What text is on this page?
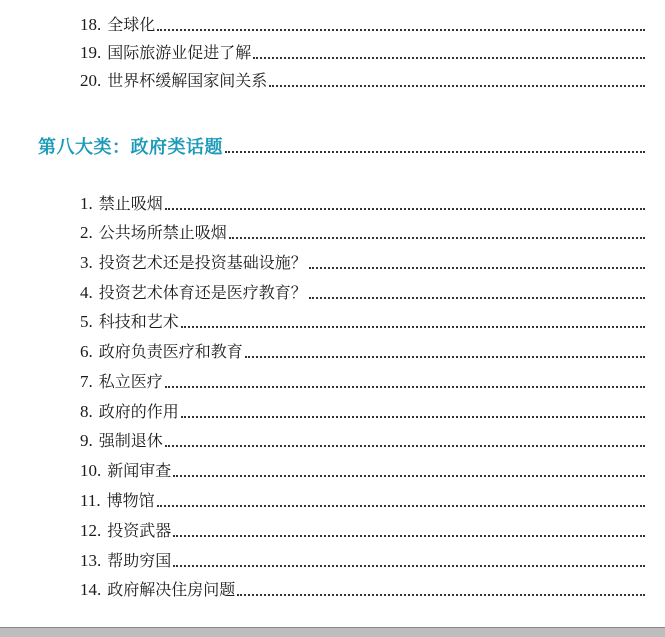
18. 全球化
19. 国际旅游业促进了解
20. 世界杯缓解国家间关系
第八大类：政府类话题
1. 禁止吸烟
2. 公共场所禁止吸烟
3. 投资艺术还是投资基础设施？
4. 投资艺术体育还是医疗教育？
5. 科技和艺术
6. 政府负责医疗和教育
7. 私立医疗
8. 政府的作用
9. 强制退休
10. 新闻审查
11. 博物馆
12. 投资武器
13. 帮助穷国
14. 政府解决住房问题
